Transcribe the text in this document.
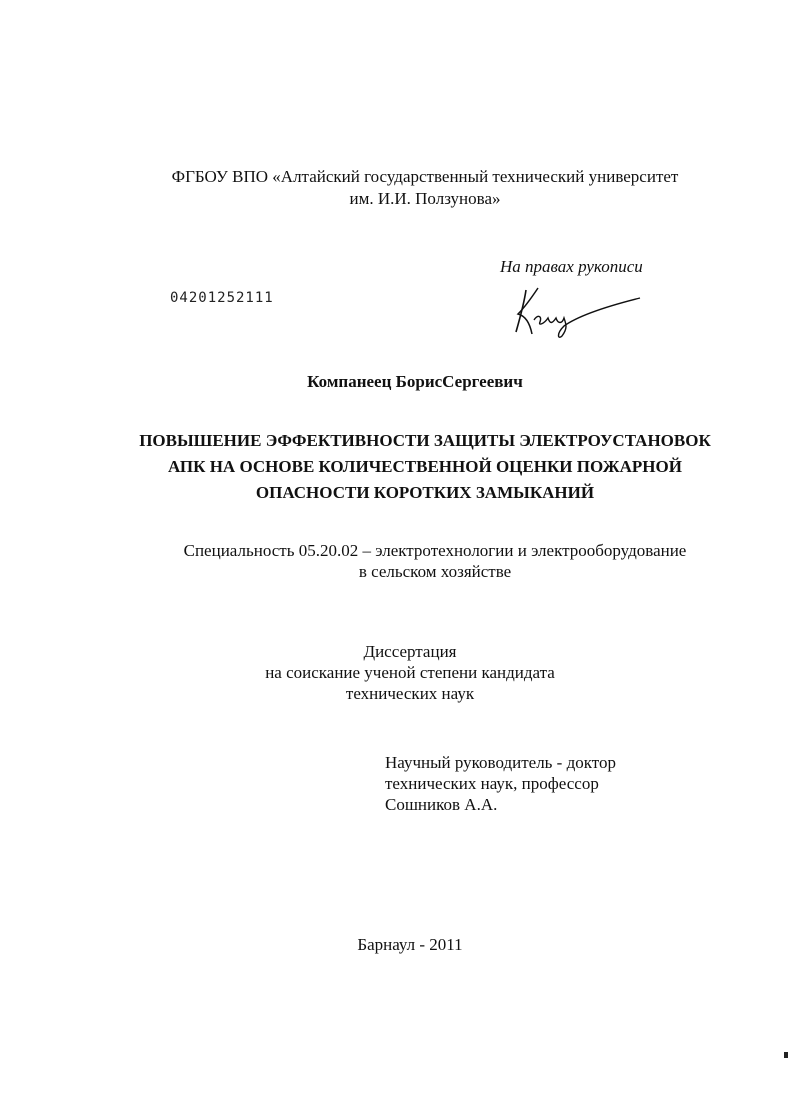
ФГБОУ ВПО «Алтайский государственный технический университет
им. И.И. Ползунова»
На правах рукописи
04201252111
Компанеец БорисСергеевич
ПОВЫШЕНИЕ ЭФФЕКТИВНОСТИ ЗАЩИТЫ ЭЛЕКТРОУСТАНОВОК
АПК НА ОСНОВЕ КОЛИЧЕСТВЕННОЙ ОЦЕНКИ ПОЖАРНОЙ
ОПАСНОСТИ КОРОТКИХ ЗАМЫКАНИЙ
Специальность 05.20.02 – электротехнологии и электрооборудование
в сельском хозяйстве
Диссертация
на соискание ученой степени кандидата
технических наук
Научный руководитель - доктор
технических наук, профессор
Сошников А.А.
Барнаул - 2011
